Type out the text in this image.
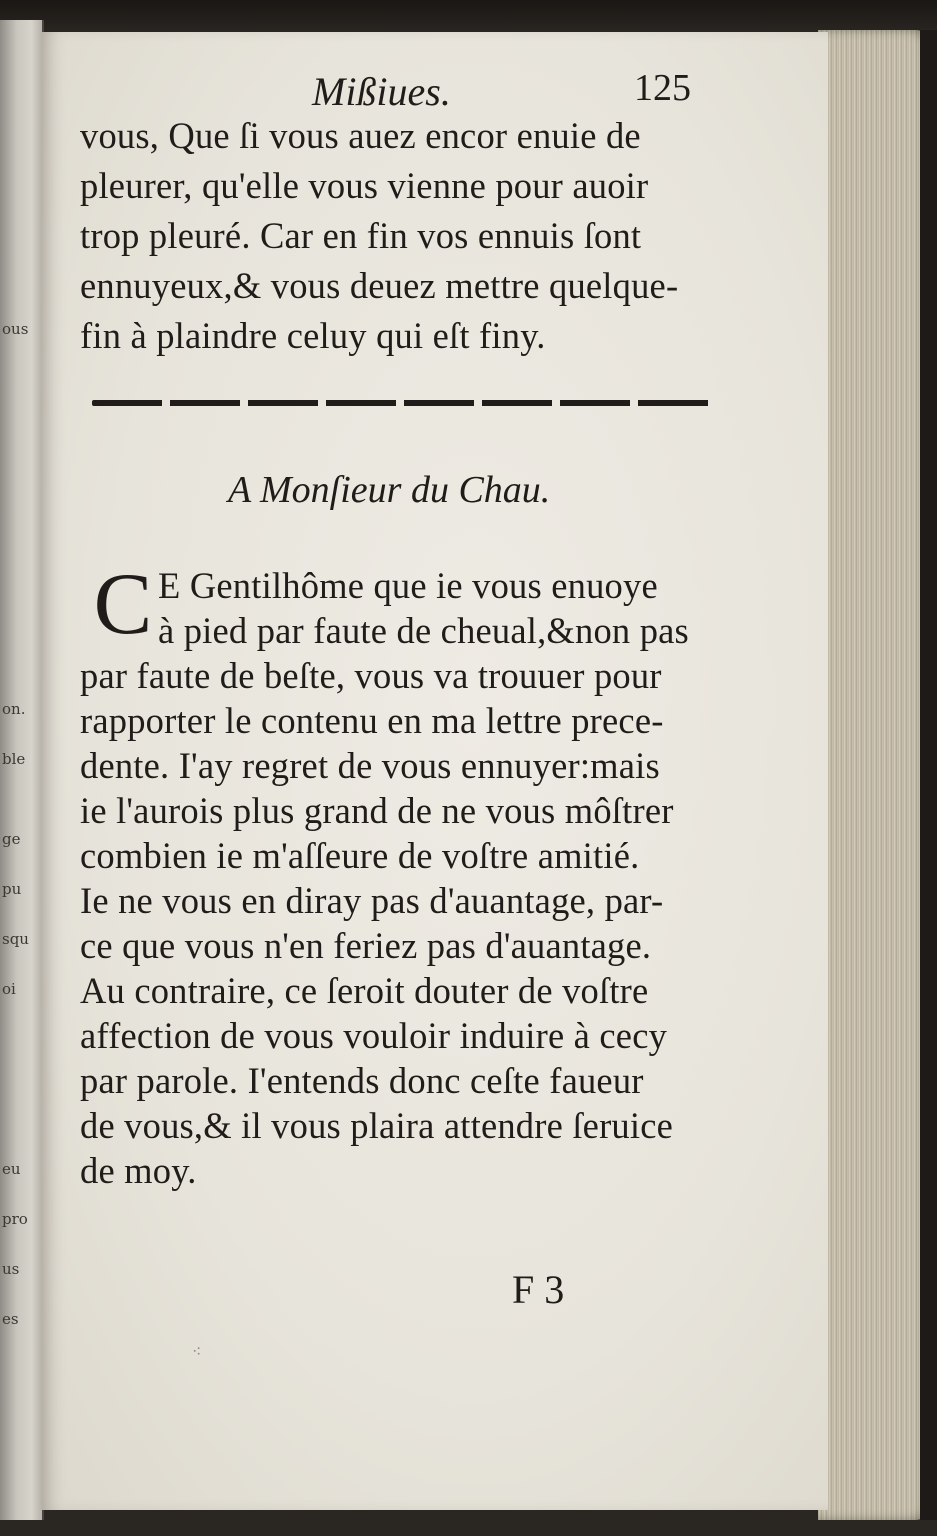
ous
on.
ble
ge
pu
squ
oi
eu
pro
us
es
Mißiues.	125
vous, Que ſi vous auez encor enuie de
pleurer, qu'elle vous vienne pour auoir
trop pleuré. Car en fin vos ennuis ſont
ennuyeux,& vous deuez mettre quelque-
fin à plaindre celuy qui eſt finy.
A Monſieur du Chau.
C E Gentilhôme que ie vous enuoye
à pied par faute de cheual,&non pas
par faute de beſte, vous va trouuer pour
rapporter le contenu en ma lettre prece-
dente. I'ay regret de vous ennuyer:mais
ie l'aurois plus grand de ne vous môſtrer
combien ie m'aſſeure de voſtre amitié.
Ie ne vous en diray pas d'auantage, par-
ce que vous n'en feriez pas d'auantage.
Au contraire, ce ſeroit douter de voſtre
affection de vous vouloir induire à cecy
par parole. I'entends donc ceſte faueur
de vous,& il vous plaira attendre ſeruice
de moy.
F 3
⁖
